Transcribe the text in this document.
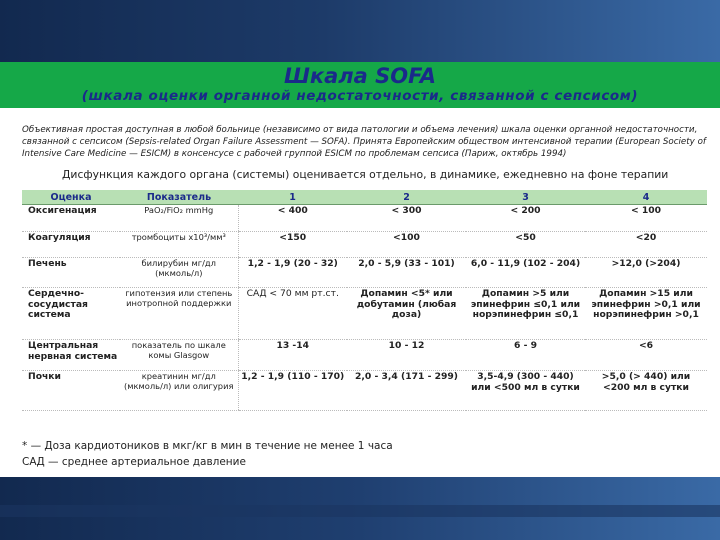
Шкала SOFA
(шкала оценки органной недостаточности, связанной с сепсисом)
Объективная простая доступная в любой больнице (независимо от вида патологии и объема лечения) шкала оценки органной недостаточности, связанной с сепсисом (Sepsis-related Organ Failure Assessment — SOFA). Принята Европейским обществом интенсивной терапии (European Society of Intensive Care Medicine — ESICM) в консенсусе с рабочей группой ESICM по проблемам сепсиса (Париж, октябрь 1994)
Дисфункция каждого органа (системы) оценивается отдельно, в динамике, ежедневно на фоне терапии
Оценка	Показатель	1	2	3	4
Оксигенация	PaO₂/FiO₂ mmHg	< 400	< 300	< 200	< 100
Коагуляция	тромбоциты х10³/мм³	<150	<100	<50	<20
Печень	билирубин мг/дл (мкмоль/л)	1,2 - 1,9 (20 - 32)	2,0 - 5,9 (33 - 101)	6,0 - 11,9 (102 - 204)	>12,0 (>204)
Сердечно-сосудистая система	гипотензия или степень инотропной поддержки	САД < 70 мм рт.ст.	Допамин <5* или добутамин (любая доза)	Допамин >5 или эпинефрин ≤0,1 или норэпинефрин ≤0,1	Допамин >15 или эпинефрин >0,1 или норэпинефрин >0,1
Центральная нервная система	показатель по шкале комы Glasgow	13 -14	10 - 12	6 - 9	<6
Почки	креатинин мг/дл (мкмоль/л) или олигурия	1,2 - 1,9 (110 - 170)	2,0 - 3,4 (171 - 299)	3,5-4,9 (300 - 440) или <500 мл в сутки	>5,0 (> 440) или <200 мл в сутки
* — Доза кардиотоников в мкг/кг в мин в течение не менее 1 часа
САД — среднее артериальное давление
